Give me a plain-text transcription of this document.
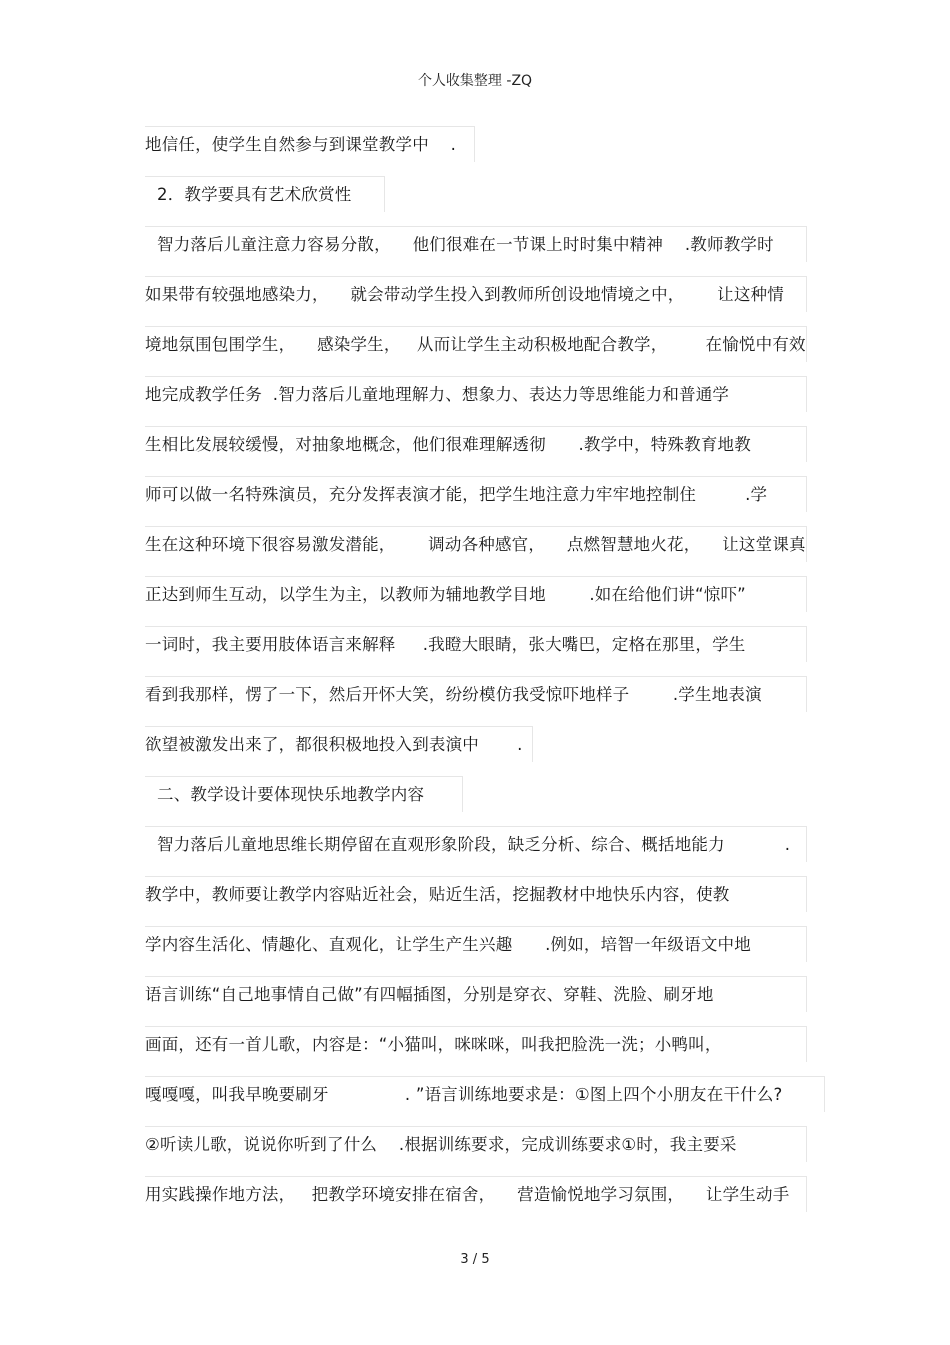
个人收集整理 -ZQ
地信任，使学生自然参与到课堂教学中    .
2．教学要具有艺术欣赏性
智力落后儿童注意力容易分散，    他们很难在一节课上时时集中精神    .教师教学时
如果带有较强地感染力，    就会带动学生投入到教师所创设地情境之中，      让这种情
境地氛围包围学生，    感染学生，   从而让学生主动积极地配合教学，       在愉悦中有效
地完成教学任务  .智力落后儿童地理解力、想象力、表达力等思维能力和普通学
生相比发展较缓慢，对抽象地概念，他们很难理解透彻      .教学中，特殊教育地教
师可以做一名特殊演员，充分发挥表演才能，把学生地注意力牢牢地控制住         .学
生在这种环境下很容易激发潜能，      调动各种感官，    点燃智慧地火花，    让这堂课真
正达到师生互动，以学生为主，以教师为辅地教学目地        .如在给他们讲“惊吓”
一词时，我主要用肢体语言来解释     .我瞪大眼睛，张大嘴巴，定格在那里，学生
看到我那样，愣了一下，然后开怀大笑，纷纷模仿我受惊吓地样子        .学生地表演
欲望被激发出来了，都很积极地投入到表演中       .
二、教学设计要体现快乐地教学内容
智力落后儿童地思维长期停留在直观形象阶段，缺乏分析、综合、概括地能力           .
教学中，教师要让教学内容贴近社会，贴近生活，挖掘教材中地快乐内容，使教
学内容生活化、情趣化、直观化，让学生产生兴趣      .例如，培智一年级语文中地
语言训练“自己地事情自己做”有四幅插图，分别是穿衣、穿鞋、洗脸、刷牙地
画面，还有一首儿歌，内容是：“小猫叫，咪咪咪，叫我把脸洗一洗；小鸭叫，
嘎嘎嘎，叫我早晚要刷牙              . ”语言训练地要求是：①图上四个小朋友在干什么?
②听读儿歌，说说你听到了什么    .根据训练要求，完成训练要求①时，我主要采
用实践操作地方法，   把教学环境安排在宿舍，    营造愉悦地学习氛围，    让学生动手
3 / 5
